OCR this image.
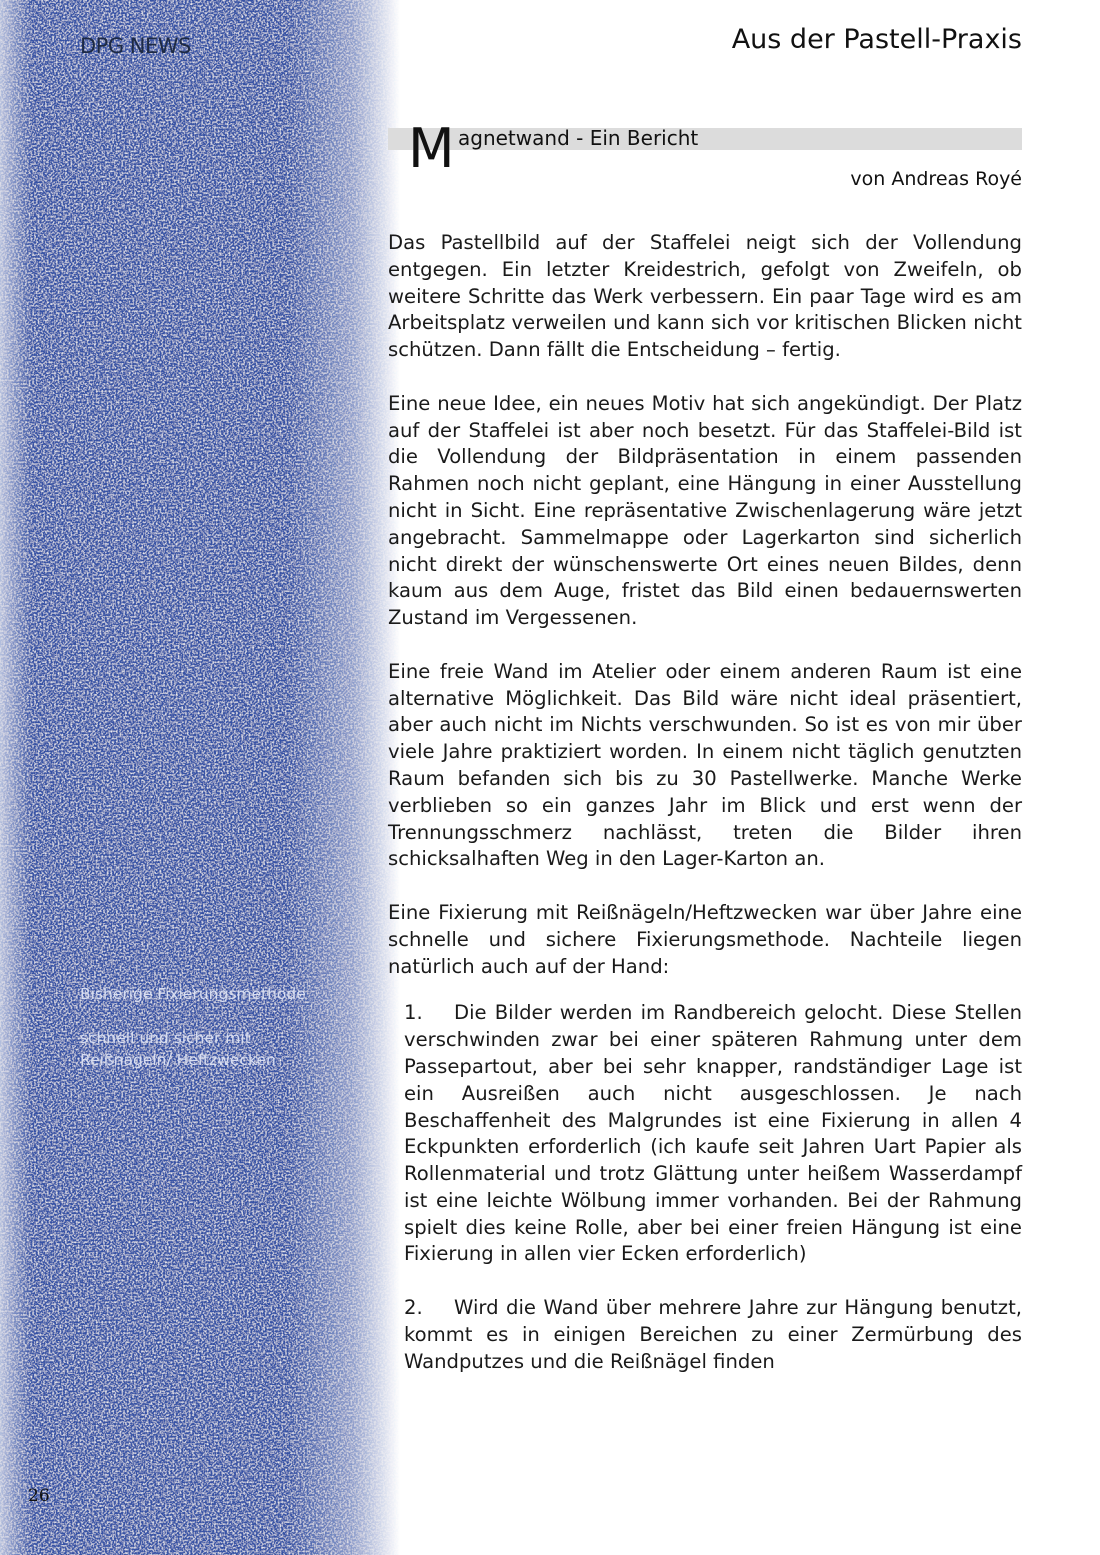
DPG NEWS	Aus der Pastell-Praxis
M agnetwand - Ein Bericht
von Andreas Royé

Das Pastellbild auf der Staffelei neigt sich der Vollendung entgegen. Ein letzter Kreidestrich, gefolgt von Zweifeln, ob weitere Schritte das Werk verbessern. Ein paar Tage wird es am Arbeitsplatz verweilen und kann sich vor kritischen Blicken nicht schützen. Dann fällt die Entscheidung – fertig.

Eine neue Idee, ein neues Motiv hat sich angekündigt. Der Platz auf der Staffelei ist aber noch besetzt. Für das Staffelei-Bild ist die Vollendung der Bildpräsentation in einem passenden Rahmen noch nicht geplant, eine Hängung in einer Ausstellung nicht in Sicht. Eine repräsentative Zwischenlagerung wäre jetzt angebracht. Sammelmappe oder Lagerkarton sind sicherlich nicht direkt der wünschenswerte Ort eines neuen Bildes, denn kaum aus dem Auge, fristet das Bild einen bedauernswerten Zustand im Vergessenen.

Eine freie Wand im Atelier oder einem anderen Raum ist eine alternative Möglichkeit. Das Bild wäre nicht ideal präsentiert, aber auch nicht im Nichts verschwunden. So ist es von mir über viele Jahre praktiziert worden. In einem nicht täglich genutzten Raum befanden sich bis zu 30 Pastellwerke. Manche Werke verblieben so ein ganzes Jahr im Blick und erst wenn der Trennungsschmerz nachlässt, treten die Bilder ihren schicksalhaften Weg in den Lager-Karton an.

Eine Fixierung mit Reißnägeln/Heftzwecken war über Jahre eine schnelle und sichere Fixierungsmethode. Nachteile liegen natürlich auch auf der Hand:

1. Die Bilder werden im Randbereich gelocht. Diese Stellen verschwinden zwar bei einer späteren Rahmung unter dem Passepartout, aber bei sehr knapper, randständiger Lage ist ein Ausreißen auch nicht ausgeschlossen. Je nach Beschaffenheit des Malgrundes ist eine Fixierung in allen 4 Eckpunkten erforderlich (ich kaufe seit Jahren Uart Papier als Rollenmaterial und trotz Glättung unter heißem Wasserdampf ist eine leichte Wölbung immer vorhanden. Bei der Rahmung spielt dies keine Rolle, aber bei einer freien Hängung ist eine Fixierung in allen vier Ecken erforderlich)
2. Wird die Wand über mehrere Jahre zur Hängung benutzt, kommt es in einigen Bereichen zu einer Zermürbung des Wandputzes und die Reißnägel finden

Bisherige Fixierungsmethode

schnell und sicher mit Reißnägeln/ Heftzwecken

26
